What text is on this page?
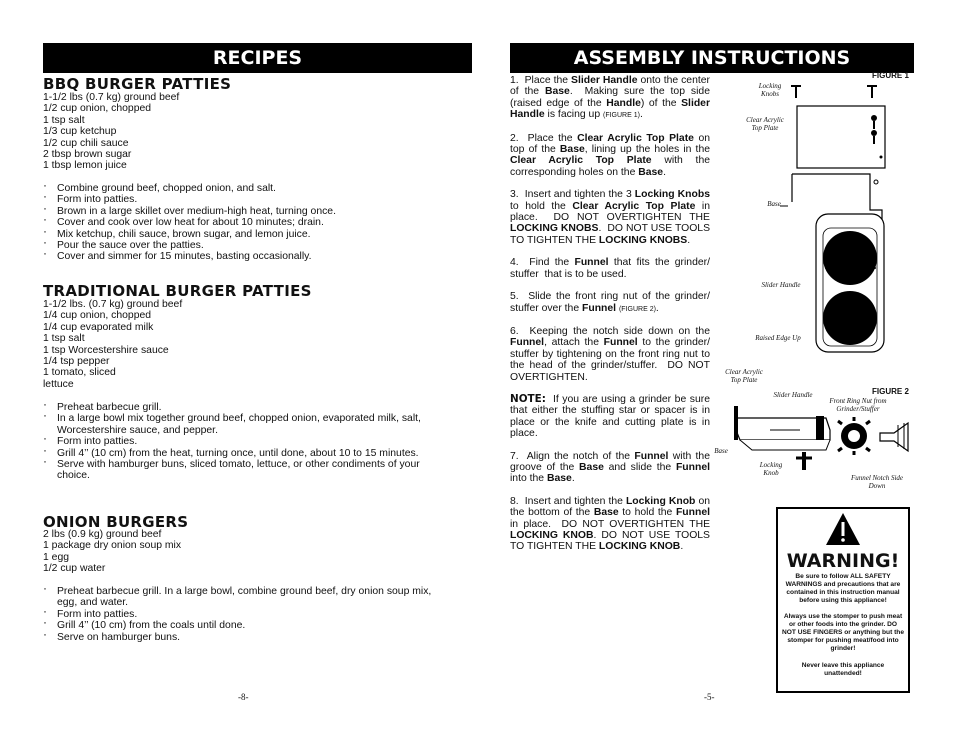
RECIPES
BBQ BURGER PATTIES
1-1/2 lbs (0.7 kg) ground beef
1/2 cup onion, chopped
1 tsp salt
1/3 cup ketchup
1/2 cup chili sauce
2 tbsp brown sugar
1 tbsp lemon juice
· Combine ground beef, chopped onion, and salt.
· Form into patties.
· Brown in a large skillet over medium-high heat, turning once.
· Cover and cook over low heat for about 10 minutes; drain.
· Mix ketchup, chili sauce, brown sugar, and lemon juice.
· Pour the sauce over the patties.
· Cover and simmer for 15 minutes, basting occasionally.
TRADITIONAL BURGER PATTIES
1-1/2 lbs. (0.7 kg) ground beef
1/4 cup onion, chopped
1/4 cup evaporated milk
1 tsp salt
1 tsp Worcestershire sauce
1/4 tsp pepper
1 tomato, sliced
lettuce
· Preheat barbecue grill.
· In a large bowl mix together ground beef, chopped onion, evaporated milk, salt, Worcestershire sauce, and pepper.
· Form into patties.
· Grill 4’’ (10 cm) from the heat, turning once, until done, about 10 to 15 minutes.
· Serve with hamburger buns, sliced tomato, lettuce, or other condiments of your choice.
ONION BURGERS
2 lbs (0.9 kg) ground beef
1 package dry onion soup mix
1 egg
1/2 cup water
· Preheat barbecue grill. In a large bowl, combine ground beef, dry onion soup mix, egg, and water.
· Form into patties.
· Grill 4’’ (10 cm) from the coals until done.
· Serve on hamburger buns.
-8-
ASSEMBLY INSTRUCTIONS

1.  Place the Slider Handle onto the center of the Base.  Making sure the top side (raised edge of the Handle) of the Slider Handle is facing up (FIGURE 1).

2.  Place the Clear Acrylic Top Plate on top of the Base, lining up the holes in the Clear Acrylic Top Plate with the corresponding holes on the Base.

3.  Insert and tighten the 3 Locking Knobs to hold the Clear Acrylic Top Plate in place.  DO NOT OVERTIGHTEN THE LOCKING KNOBS.  DO NOT USE TOOLS TO TIGHTEN THE LOCKING KNOBS.

4.  Find the Funnel that fits the grinder/ stuffer  that is to be used.

5.  Slide the front ring nut of the grinder/ stuffer over the Funnel (FIGURE 2).

6.  Keeping the notch side down on the Funnel, attach the Funnel to the grinder/ stuffer by tightening on the front ring nut to the head of the grinder/stuffer.  DO NOT OVERTIGHTEN.

NOTE:  If you are using a grinder be sure that either the stuffing star or spacer is in place or the knife and cutting plate is in place.

7.  Align the notch of the Funnel with the groove of the Base and slide the Funnel into the Base.

8.  Insert and tighten the Locking Knob on the bottom of the Base to hold the Funnel in place.  DO NOT OVERTIGHTEN THE LOCKING KNOB. DO NOT USE TOOLS TO TIGHTEN THE LOCKING KNOB.

FIGURE 1
Locking Knobs
Clear Acrylic Top Plate
Base
Slider Handle
Raised Edge Up
FIGURE 2
Clear Acrylic Top Plate
Slider Handle
Front Ring Nut from Grinder/Stuffer
Base
Locking Knob
Funnel Notch Side Down
WARNING!
Be sure to follow ALL SAFETY WARNINGS and precautions that are contained in this instruction manual before using this appliance!
Always use the stomper to push meat or other foods into the grinder. DO NOT USE FINGERS or anything but the stomper for pushing meat/food into grinder!
Never leave this appliance unattended!
-5-
